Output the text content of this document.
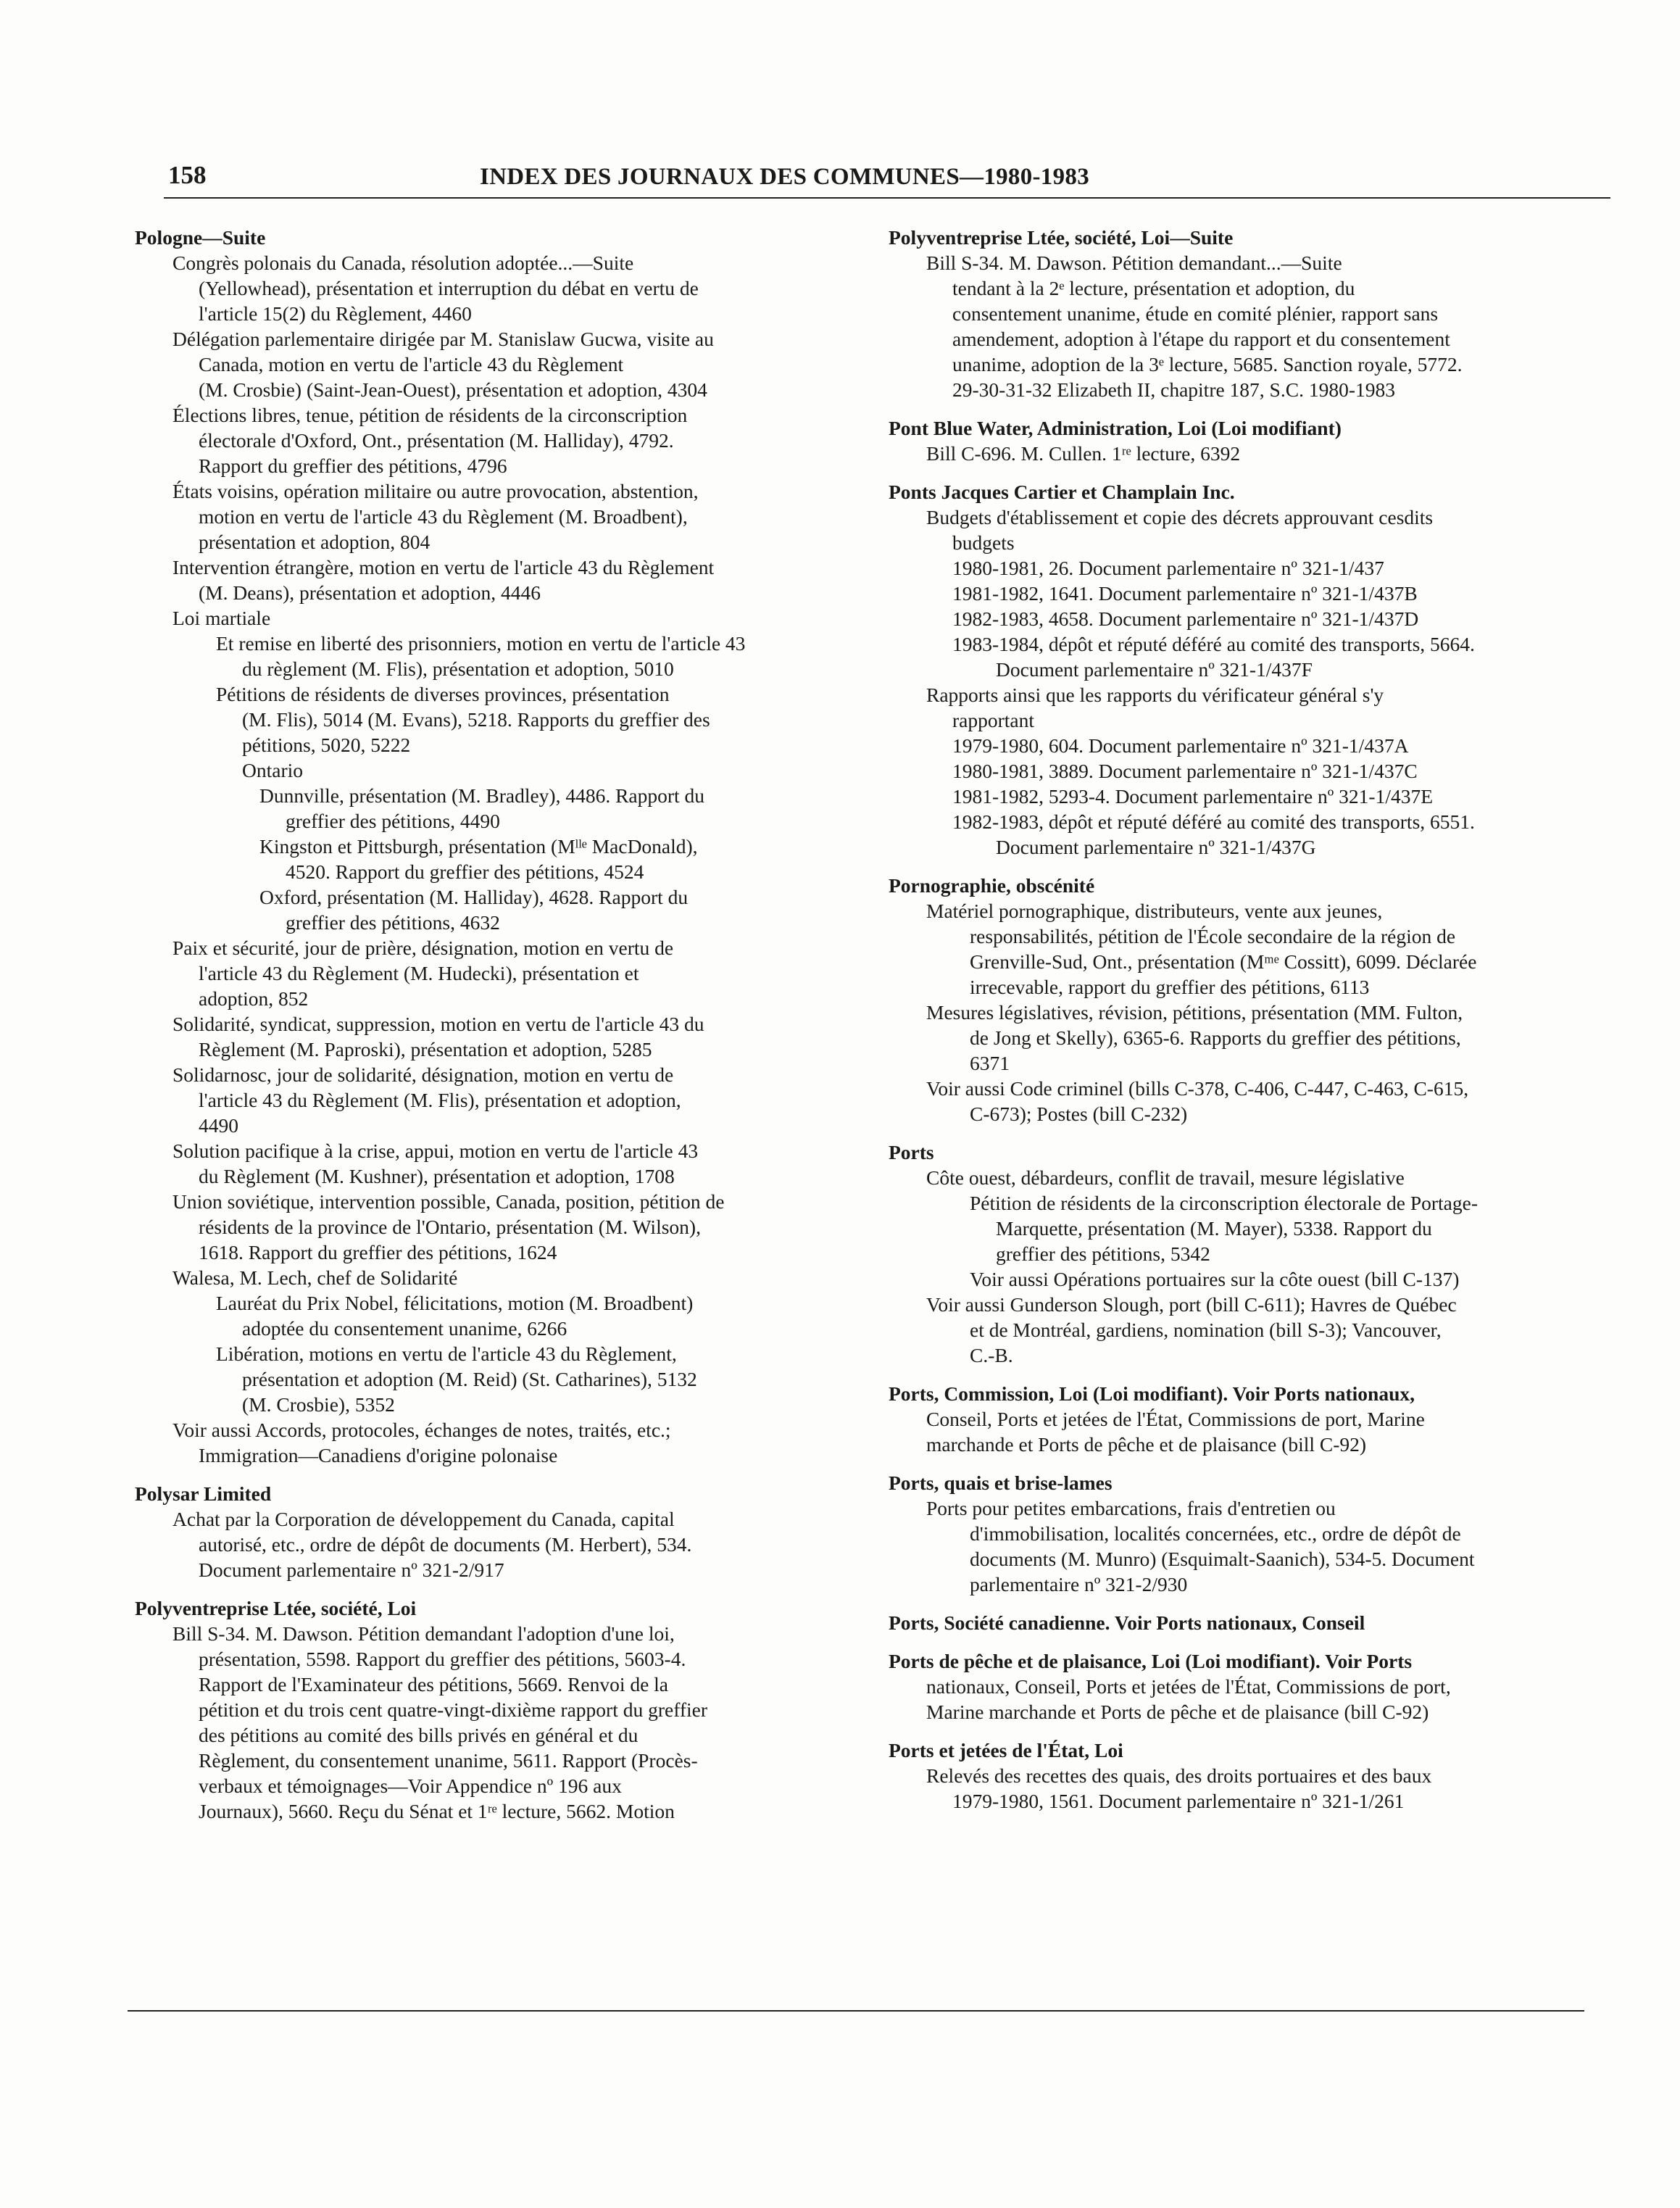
158	INDEX DES JOURNAUX DES COMMUNES—1980-1983
Pologne—Suite
Congrès polonais du Canada, résolution adoptée...—Suite
(Yellowhead), présentation et interruption du débat en vertu de
l'article 15(2) du Règlement, 4460
Délégation parlementaire dirigée par M. Stanislaw Gucwa, visite au
Canada, motion en vertu de l'article 43 du Règlement
(M. Crosbie) (Saint-Jean-Ouest), présentation et adoption, 4304
Élections libres, tenue, pétition de résidents de la circonscription
électorale d'Oxford, Ont., présentation (M. Halliday), 4792.
Rapport du greffier des pétitions, 4796
États voisins, opération militaire ou autre provocation, abstention,
motion en vertu de l'article 43 du Règlement (M. Broadbent),
présentation et adoption, 804
Intervention étrangère, motion en vertu de l'article 43 du Règlement
(M. Deans), présentation et adoption, 4446
Loi martiale
Et remise en liberté des prisonniers, motion en vertu de l'article 43
du règlement (M. Flis), présentation et adoption, 5010
Pétitions de résidents de diverses provinces, présentation
(M. Flis), 5014 (M. Evans), 5218. Rapports du greffier des
pétitions, 5020, 5222
Ontario
Dunnville, présentation (M. Bradley), 4486. Rapport du
greffier des pétitions, 4490
Kingston et Pittsburgh, présentation (Mˡˡᵉ MacDonald),
4520. Rapport du greffier des pétitions, 4524
Oxford, présentation (M. Halliday), 4628. Rapport du
greffier des pétitions, 4632
Paix et sécurité, jour de prière, désignation, motion en vertu de
l'article 43 du Règlement (M. Hudecki), présentation et
adoption, 852
Solidarité, syndicat, suppression, motion en vertu de l'article 43 du
Règlement (M. Paproski), présentation et adoption, 5285
Solidarnosc, jour de solidarité, désignation, motion en vertu de
l'article 43 du Règlement (M. Flis), présentation et adoption,
4490
Solution pacifique à la crise, appui, motion en vertu de l'article 43
du Règlement (M. Kushner), présentation et adoption, 1708
Union soviétique, intervention possible, Canada, position, pétition de
résidents de la province de l'Ontario, présentation (M. Wilson),
1618. Rapport du greffier des pétitions, 1624
Walesa, M. Lech, chef de Solidarité
Lauréat du Prix Nobel, félicitations, motion (M. Broadbent)
adoptée du consentement unanime, 6266
Libération, motions en vertu de l'article 43 du Règlement,
présentation et adoption (M. Reid) (St. Catharines), 5132
(M. Crosbie), 5352
Voir aussi Accords, protocoles, échanges de notes, traités, etc.;
Immigration—Canadiens d'origine polonaise
Polysar Limited
Achat par la Corporation de développement du Canada, capital
autorisé, etc., ordre de dépôt de documents (M. Herbert), 534.
Document parlementaire nº 321-2/917
Polyventreprise Ltée, société, Loi
Bill S-34. M. Dawson. Pétition demandant l'adoption d'une loi,
présentation, 5598. Rapport du greffier des pétitions, 5603-4.
Rapport de l'Examinateur des pétitions, 5669. Renvoi de la
pétition et du trois cent quatre-vingt-dixième rapport du greffier
des pétitions au comité des bills privés en général et du
Règlement, du consentement unanime, 5611. Rapport (Procès-
verbaux et témoignages—Voir Appendice nº 196 aux
Journaux), 5660. Reçu du Sénat et 1ʳᵉ lecture, 5662. Motion
Polyventreprise Ltée, société, Loi—Suite
Bill S-34. M. Dawson. Pétition demandant...—Suite
tendant à la 2ᵉ lecture, présentation et adoption, du
consentement unanime, étude en comité plénier, rapport sans
amendement, adoption à l'étape du rapport et du consentement
unanime, adoption de la 3ᵉ lecture, 5685. Sanction royale, 5772.
29-30-31-32 Elizabeth II, chapitre 187, S.C. 1980-1983
Pont Blue Water, Administration, Loi (Loi modifiant)
Bill C-696. M. Cullen. 1ʳᵉ lecture, 6392
Ponts Jacques Cartier et Champlain Inc.
Budgets d'établissement et copie des décrets approuvant cesdits
budgets
1980-1981, 26. Document parlementaire nº 321-1/437
1981-1982, 1641. Document parlementaire nº 321-1/437B
1982-1983, 4658. Document parlementaire nº 321-1/437D
1983-1984, dépôt et réputé déféré au comité des transports, 5664.
Document parlementaire nº 321-1/437F
Rapports ainsi que les rapports du vérificateur général s'y
rapportant
1979-1980, 604. Document parlementaire nº 321-1/437A
1980-1981, 3889. Document parlementaire nº 321-1/437C
1981-1982, 5293-4. Document parlementaire nº 321-1/437E
1982-1983, dépôt et réputé déféré au comité des transports, 6551.
Document parlementaire nº 321-1/437G
Pornographie, obscénité
Matériel pornographique, distributeurs, vente aux jeunes,
responsabilités, pétition de l'École secondaire de la région de
Grenville-Sud, Ont., présentation (Mᵐᵉ Cossitt), 6099. Déclarée
irrecevable, rapport du greffier des pétitions, 6113
Mesures législatives, révision, pétitions, présentation (MM. Fulton,
de Jong et Skelly), 6365-6. Rapports du greffier des pétitions,
6371
Voir aussi Code criminel (bills C-378, C-406, C-447, C-463, C-615,
C-673); Postes (bill C-232)
Ports
Côte ouest, débardeurs, conflit de travail, mesure législative
Pétition de résidents de la circonscription électorale de Portage-
Marquette, présentation (M. Mayer), 5338. Rapport du
greffier des pétitions, 5342
Voir aussi Opérations portuaires sur la côte ouest (bill C-137)
Voir aussi Gunderson Slough, port (bill C-611); Havres de Québec
et de Montréal, gardiens, nomination (bill S-3); Vancouver,
C.-B.
Ports, Commission, Loi (Loi modifiant). Voir Ports nationaux,
Conseil, Ports et jetées de l'État, Commissions de port, Marine
marchande et Ports de pêche et de plaisance (bill C-92)
Ports, quais et brise-lames
Ports pour petites embarcations, frais d'entretien ou
d'immobilisation, localités concernées, etc., ordre de dépôt de
documents (M. Munro) (Esquimalt-Saanich), 534-5. Document
parlementaire nº 321-2/930
Ports, Société canadienne. Voir Ports nationaux, Conseil
Ports de pêche et de plaisance, Loi (Loi modifiant). Voir Ports
nationaux, Conseil, Ports et jetées de l'État, Commissions de port,
Marine marchande et Ports de pêche et de plaisance (bill C-92)
Ports et jetées de l'État, Loi
Relevés des recettes des quais, des droits portuaires et des baux
1979-1980, 1561. Document parlementaire nº 321-1/261
